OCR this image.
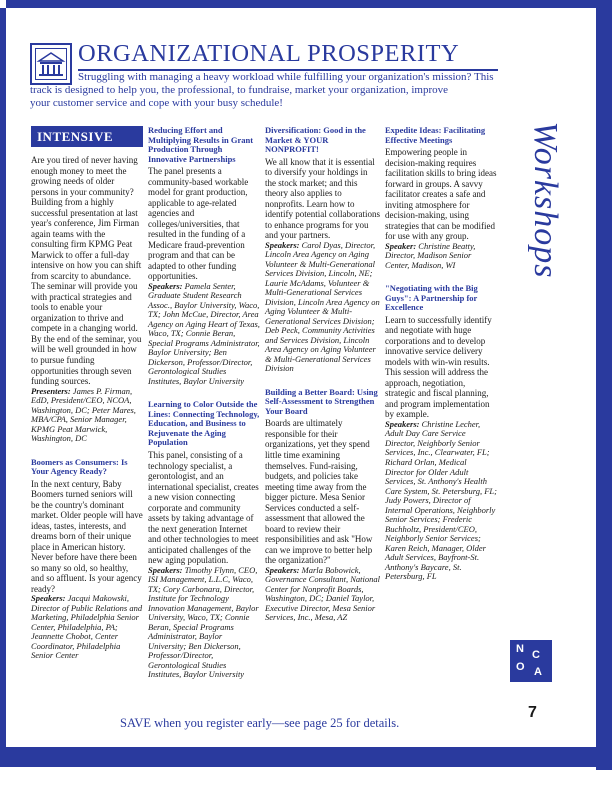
ORGANIZATIONAL PROSPERITY
Struggling with managing a heavy workload while fulfilling your organization's mission? This
track is designed to help you, the professional, to fundraise, market your organization, improve
your customer service and cope with your busy schedule!
Workshops
INTENSIVE
Are you tired of never having enough money to meet the growing needs of older persons in your community? Building from a highly successful presentation at last year's conference, Jim Firman again teams with the consulting firm KPMG Peat Marwick to offer a full-day intensive on how you can shift from scarcity to abundance. The seminar will provide you with practical strategies and tools to enable your organization to thrive and compete in a changing world. By the end of the seminar, you will be well grounded in how to pursue funding opportunities through seven funding sources.
Presenters: James P. Firman, EdD, President/CEO, NCOA, Washington, DC; Peter Mares, MBA/CPA, Senior Manager, KPMG Peat Marwick, Washington, DC
Boomers as Consumers: Is Your Agency Ready?
In the next century, Baby Boomers turned seniors will be the country's dominant market. Older people will have ideas, tastes, interests, and dreams born of their unique place in American history. Never before have there been so many so old, so healthy, and so affluent. Is your agency ready?
Speakers: Jacqui Makowski, Director of Public Relations and Marketing, Philadelphia Senior Center, Philadelphia, PA; Jeannette Chobot, Center Coordinator, Philadelphia Senior Center
Reducing Effort and Multiplying Results in Grant Production Through Innovative Partnerships
The panel presents a community-based workable model for grant production, applicable to age-related agencies and colleges/universities, that resulted in the funding of a Medicare fraud-prevention program and that can be adapted to other funding opportunities.
Speakers: Pamela Senter, Graduate Student Research Assoc., Baylor University, Waco, TX; John McCue, Director, Area Agency on Aging Heart of Texas, Waco, TX; Connie Beran, Special Programs Administrator, Baylor University; Ben Dickerson, Professor/Director, Gerontological Studies Institutes, Baylor University
Learning to Color Outside the Lines: Connecting Technology, Education, and Business to Rejuvenate the Aging Population
This panel, consisting of a technology specialist, a gerontologist, and an international specialist, creates a new vision connecting corporate and community assets by taking advantage of the next generation Internet and other technologies to meet anticipated challenges of the new aging population.
Speakers: Timothy Flynn, CEO, ISI Management, L.L.C, Waco, TX; Cory Carbonara, Director, Institute for Technology Innovation Management, Baylor University, Waco, TX; Connie Beran, Special Programs Administrator, Baylor University; Ben Dickerson, Professor/Director, Gerontological Studies Institutes, Baylor University
Diversification: Good in the Market & YOUR NONPROFIT!
We all know that it is essential to diversify your holdings in the stock market; and this theory also applies to nonprofits. Learn how to identify potential collaborations to enhance programs for you and your partners.
Speakers: Carol Dyas, Director, Lincoln Area Agency on Aging Volunteer & Multi-Generational Services Division, Lincoln, NE; Laurie McAdams, Volunteer & Multi-Generational Services Division, Lincoln Area Agency on Aging Volunteer & Multi-Generational Services Division; Deb Peck, Community Activities and Services Division, Lincoln Area Agency on Aging Volunteer & Multi-Generational Services Division
Building a Better Board: Using Self-Assessment to Strengthen Your Board
Boards are ultimately responsible for their organizations, yet they spend little time examining themselves. Fund-raising, budgets, and policies take meeting time away from the bigger picture. Mesa Senior Services conducted a self-assessment that allowed the board to review their responsibilities and ask "How can we improve to better help the organization?"
Speakers: Marla Bobowick, Governance Consultant, National Center for Nonprofit Boards, Washington, DC; Daniel Taylor, Executive Director, Mesa Senior Services, Inc., Mesa, AZ
Expedite Ideas: Facilitating Effective Meetings
Empowering people in decision-making requires facilitation skills to bring ideas forward in groups. A savvy facilitator creates a safe and inviting atmosphere for decision-making, using strategies that can be modified for use with any group.
Speaker: Christine Beatty, Director, Madison Senior Center, Madison, WI
"Negotiating with the Big Guys": A Partnership for Excellence
Learn to successfully identify and negotiate with huge corporations and to develop innovative service delivery models with win-win results. This session will address the approach, negotiation, strategic and fiscal planning, and program implementation by example.
Speakers: Christine Lecher, Adult Day Care Service Director, Neighborly Senior Services, Inc., Clearwater, FL; Richard Orlan, Medical Director for Older Adult Services, St. Anthony's Health Care System, St. Petersburg, FL; Judy Powers, Director of Internal Operations, Neighborly Senior Services; Frederic Buchholtz, President/CEO, Neighborly Senior Services; Karen Reich, Manager, Older Adult Services, Bayfront-St. Anthony's Baycare, St. Petersburg, FL
N C
O A
7
SAVE when you register early—see page 25 for details.
